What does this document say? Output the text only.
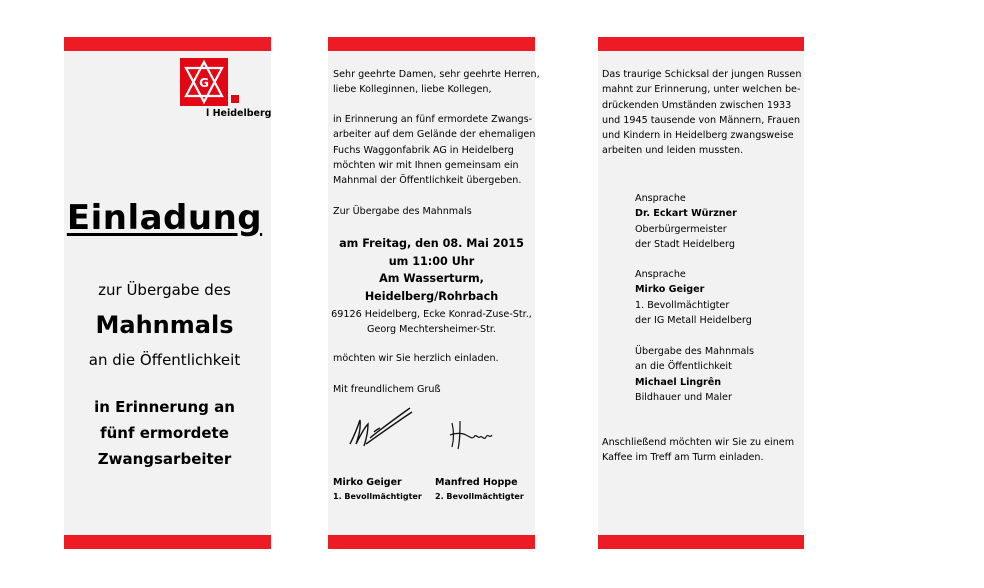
G
l Heidelberg
Einladung
zur Übergabe des
Mahnmals
an die Öffentlichkeit
in Erinnerung an
fünf ermordete
Zwangsarbeiter
Sehr geehrte Damen, sehr geehrte Herren,
liebe Kolleginnen, liebe Kollegen,
in Erinnerung an fünf ermordete Zwangs-
arbeiter auf dem Gelände der ehemaligen
Fuchs Waggonfabrik AG in Heidelberg
möchten wir mit Ihnen gemeinsam ein
Mahnmal der Öffentlichkeit übergeben.
Zur Übergabe des Mahnmals
am Freitag, den 08. Mai 2015
um 11:00 Uhr
Am Wasserturm,
Heidelberg/Rohrbach
69126 Heidelberg, Ecke Konrad-Zuse-Str.,
Georg Mechtersheimer-Str.
möchten wir Sie herzlich einladen.
Mit freundlichem Gruß
Mirko Geiger
1. Bevollmächtigter
Manfred Hoppe
2. Bevollmächtigter
Das traurige Schicksal der jungen Russen
mahnt zur Erinnerung, unter welchen be-
drückenden Umständen zwischen 1933
und 1945 tausende von Männern, Frauen
und Kindern in Heidelberg zwangsweise
arbeiten und leiden mussten.
Ansprache
Dr. Eckart Würzner
Oberbürgermeister
der Stadt Heidelberg
Ansprache
Mirko Geiger
1. Bevollmächtigter
der IG Metall Heidelberg
Übergabe des Mahnmals
an die Öffentlichkeit
Michael Lingrên
Bildhauer und Maler
Anschließend möchten wir Sie zu einem
Kaffee im Treff am Turm einladen.
